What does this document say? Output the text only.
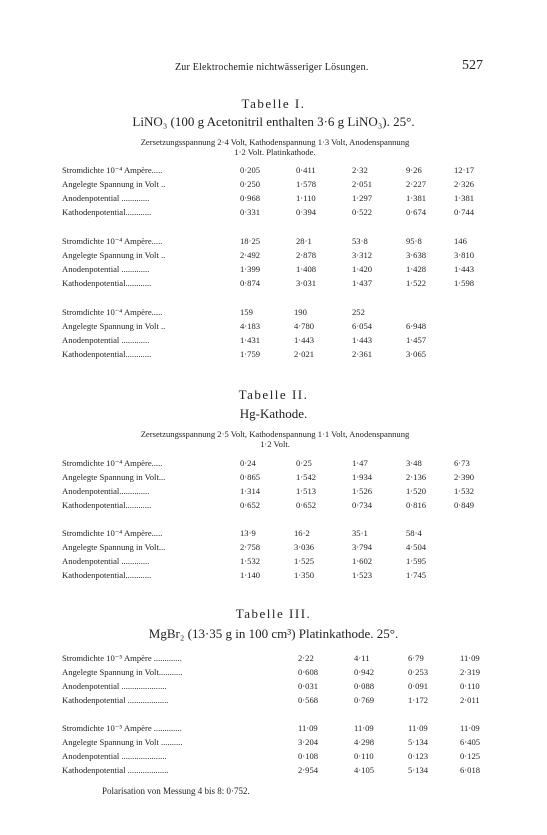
Zur Elektrochemie nichtwässeriger Lösungen.	527
Tabelle I.
LiNO₃ (100 g Acetonitril enthalten 3·6 g LiNO₃). 25°.
Zersetzungsspannung 2·4 Volt, Kathodenspannung 1·3 Volt, Anodenspannung
1·2 Volt. Platinkathode.
Stromdichte 10⁻⁴ Ampère.....	0·205	0·411	2·32	9·26	12·17
Angelegte Spannung in Volt ..	0·250	1·578	2·051	2·227	2·326
Anodenpotential .............	0·968	1·110	1·297	1·381	1·381
Kathodenpotential............	0·331	0·394	0·522	0·674	0·744
Stromdichte 10⁻⁴ Ampère.....	18·25	28·1	53·8	95·8	146
Angelegte Spannung in Volt ..	2·492	2·878	3·312	3·638	3·810
Anodenpotential .............	1·399	1·408	1·420	1·428	1·443
Kathodenpotential............	0·874	3·031	1·437	1·522	1·598
Stromdichte 10⁻⁴ Ampère.....	159	190	252
Angelegte Spannung in Volt ..	4·183	4·780	6·054	6·948
Anodenpotential .............	1·431	1·443	1·443	1·457
Kathodenpotential............	1·759	2·021	2·361	3·065
Tabelle II.
Hg-Kathode.
Zersetzungsspannung 2·5 Volt, Kathodenspannung 1·1 Volt, Anodenspannung
1·2 Volt.
Stromdichte 10⁻⁴ Ampère.....	0·24	0·25	1·47	3·48	6·73
Angelegte Spannung in Volt...	0·865	1·542	1·934	2·136	2·390
Anodenpotential..............	1·314	1·513	1·526	1·520	1·532
Kathodenpotential............	0·652	0·652	0·734	0·816	0·849
Stromdichte 10⁻⁴ Ampère.....	13·9	16·2	35·1	58·4
Angelegte Spannung in Volt...	2·758	3·036	3·794	4·504
Anodenpotential .............	1·532	1·525	1·602	1·595
Kathodenpotential............	1·140	1·350	1·523	1·745
Tabelle III.
MgBr₂ (13·35 g in 100 cm³) Platinkathode. 25°.
Stromdichte 10⁻⁵ Ampère .............	2·22	4·11	6·79	11·09
Angelegte Spannung in Volt...........	0·608	0·942	0·253	2·319
Anodenpotential .....................	0·031	0·088	0·091	0·110
Kathodenpotential ...................	0·568	0·769	1·172	2·011
Stromdichte 10⁻⁵ Ampère .............	11·09	11·09	11·09	11·09
Angelegte Spannung in Volt ..........	3·204	4·298	5·134	6·405
Anodenpotential .....................	0·108	0·110	0·123	0·125
Kathodenpotential ...................	2·954	4·105	5·134	6·018
Polarisation von Messung 4 bis 8: 0·752.
